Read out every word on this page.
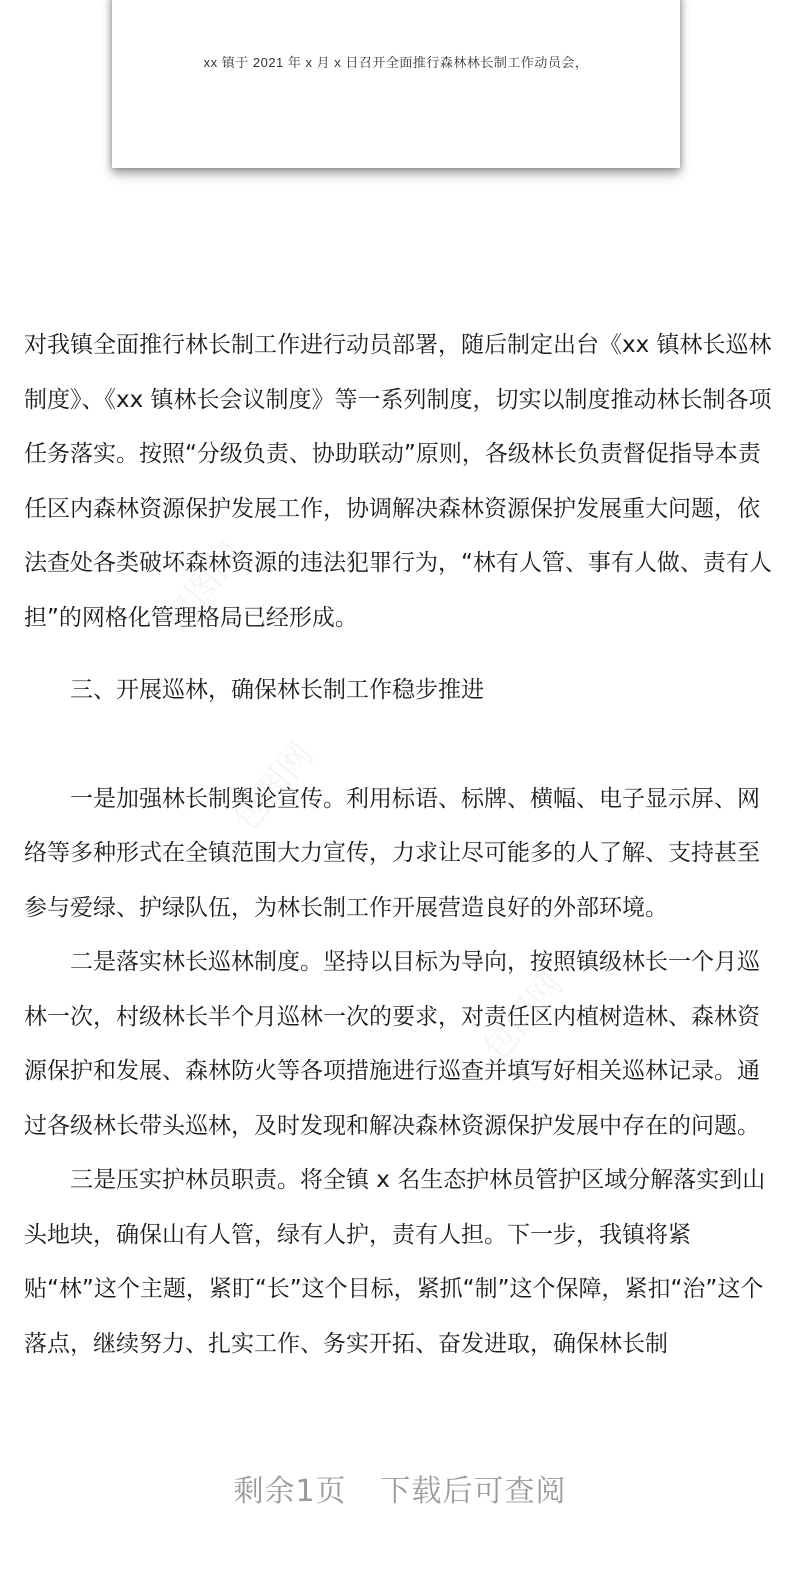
xx 镇于 2021 年 x 月 x 日召开全面推行森林林长制工作动员会，

对我镇全面推行林长制工作进行动员部署，随后制定出台《xx 镇林长巡林制度》、《xx 镇林长会议制度》等一系列制度，切实以制度推动林长制各项任务落实。按照“分级负责、协助联动”原则，各级林长负责督促指导本责任区内森林资源保护发展工作，协调解决森林资源保护发展重大问题，依法查处各类破坏森林资源的违法犯罪行为，“林有人管、事有人做、责有人担”的网格化管理格局已经形成。

三、开展巡林，确保林长制工作稳步推进

一是加强林长制舆论宣传。利用标语、标牌、横幅、电子显示屏、网络等多种形式在全镇范围大力宣传，力求让尽可能多的人了解、支持甚至参与爱绿、护绿队伍，为林长制工作开展营造良好的外部环境。

二是落实林长巡林制度。坚持以目标为导向，按照镇级林长一个月巡林一次，村级林长半个月巡林一次的要求，对责任区内植树造林、森林资源保护和发展、森林防火等各项措施进行巡查并填写好相关巡林记录。通过各级林长带头巡林，及时发现和解决森林资源保护发展中存在的问题。

三是压实护林员职责。将全镇 x 名生态护林员管护区域分解落实到山头地块，确保山有人管，绿有人护，责有人担。下一步，我镇将紧贴“林”这个主题，紧盯“长”这个目标，紧抓“制”这个保障，紧扣“治”这个落点，继续努力、扎实工作、务实开拓、奋发进取，确保林长制

剩余1页 下载后可查阅
